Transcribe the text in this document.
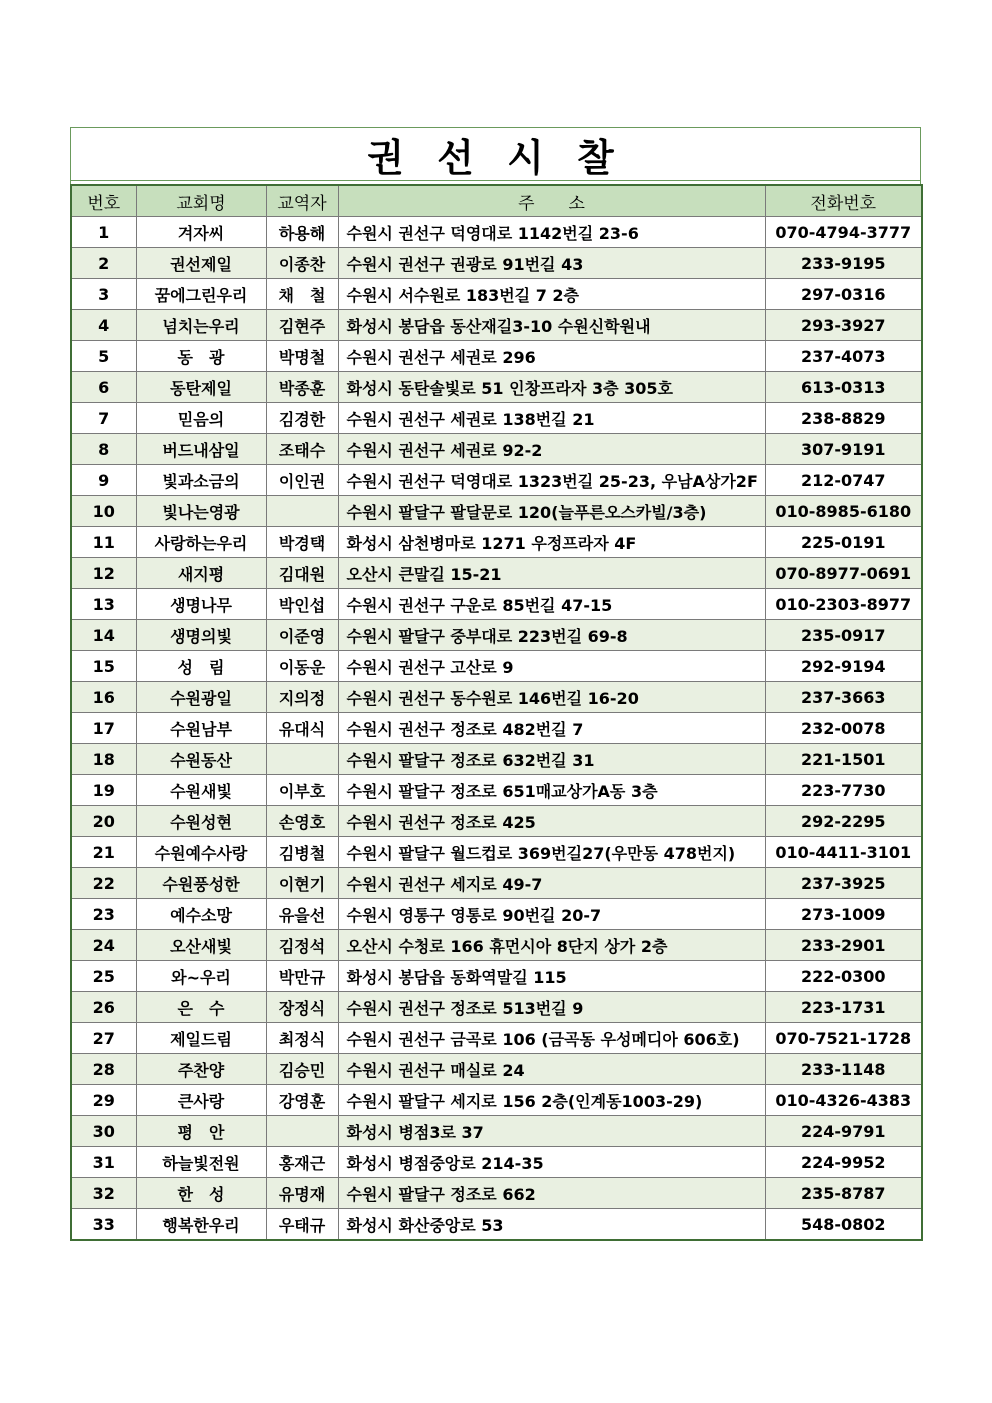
권 선 시 찰
번호	교회명	교역자	주　　소	전화번호
1	겨자씨	하용해	수원시 권선구 덕영대로 1142번길 23-6	070-4794-3777
2	권선제일	이종찬	수원시 권선구 권광로 91번길 43	233-9195
3	꿈에그린우리	채　철	수원시 서수원로 183번길 7 2층	297-0316
4	넘치는우리	김현주	화성시 봉담읍 동산재길3-10 수원신학원내	293-3927
5	동　광	박명철	수원시 권선구 세권로 296	237-4073
6	동탄제일	박종훈	화성시 동탄솔빛로 51 인창프라자 3층 305호	613-0313
7	믿음의	김경한	수원시 권선구 세권로 138번길 21	238-8829
8	버드내삼일	조태수	수원시 권선구 세권로 92-2	307-9191
9	빛과소금의	이인권	수원시 권선구 덕영대로 1323번길 25-23, 우남A상가2F	212-0747
10	빛나는영광		수원시 팔달구 팔달문로 120(늘푸른오스카빌/3층)	010-8985-6180
11	사랑하는우리	박경택	화성시 삼천병마로 1271 우정프라자 4F	225-0191
12	새지평	김대원	오산시 큰말길 15-21	070-8977-0691
13	생명나무	박인섭	수원시 권선구 구운로 85번길 47-15	010-2303-8977
14	생명의빛	이준영	수원시 팔달구 중부대로 223번길 69-8	235-0917
15	성　림	이동운	수원시 권선구 고산로 9	292-9194
16	수원광일	지의정	수원시 권선구 동수원로 146번길 16-20	237-3663
17	수원남부	유대식	수원시 권선구 정조로 482번길 7	232-0078
18	수원동산		수원시 팔달구 정조로 632번길 31	221-1501
19	수원새빛	이부호	수원시 팔달구 정조로 651매교상가A동 3층	223-7730
20	수원성현	손영호	수원시 권선구 정조로 425	292-2295
21	수원예수사랑	김병철	수원시 팔달구 월드컵로 369번길27(우만동 478번지)	010-4411-3101
22	수원풍성한	이현기	수원시 권선구 세지로 49-7	237-3925
23	예수소망	유을선	수원시 영통구 영통로 90번길 20-7	273-1009
24	오산새빛	김정석	오산시 수청로 166 휴먼시아 8단지 상가 2층	233-2901
25	와~우리	박만규	화성시 봉담읍 동화역말길 115	222-0300
26	은　수	장정식	수원시 권선구 정조로 513번길 9	223-1731
27	제일드림	최정식	수원시 권선구 금곡로 106 (금곡동 우성메디아 606호)	070-7521-1728
28	주찬양	김승민	수원시 권선구 매실로 24	233-1148
29	큰사랑	강영훈	수원시 팔달구 세지로 156 2층(인계동1003-29)	010-4326-4383
30	평　안		화성시 병점3로 37	224-9791
31	하늘빛전원	홍재근	화성시 병점중앙로 214-35	224-9952
32	한　성	유명재	수원시 팔달구 정조로 662	235-8787
33	행복한우리	우태규	화성시 화산중앙로 53	548-0802
